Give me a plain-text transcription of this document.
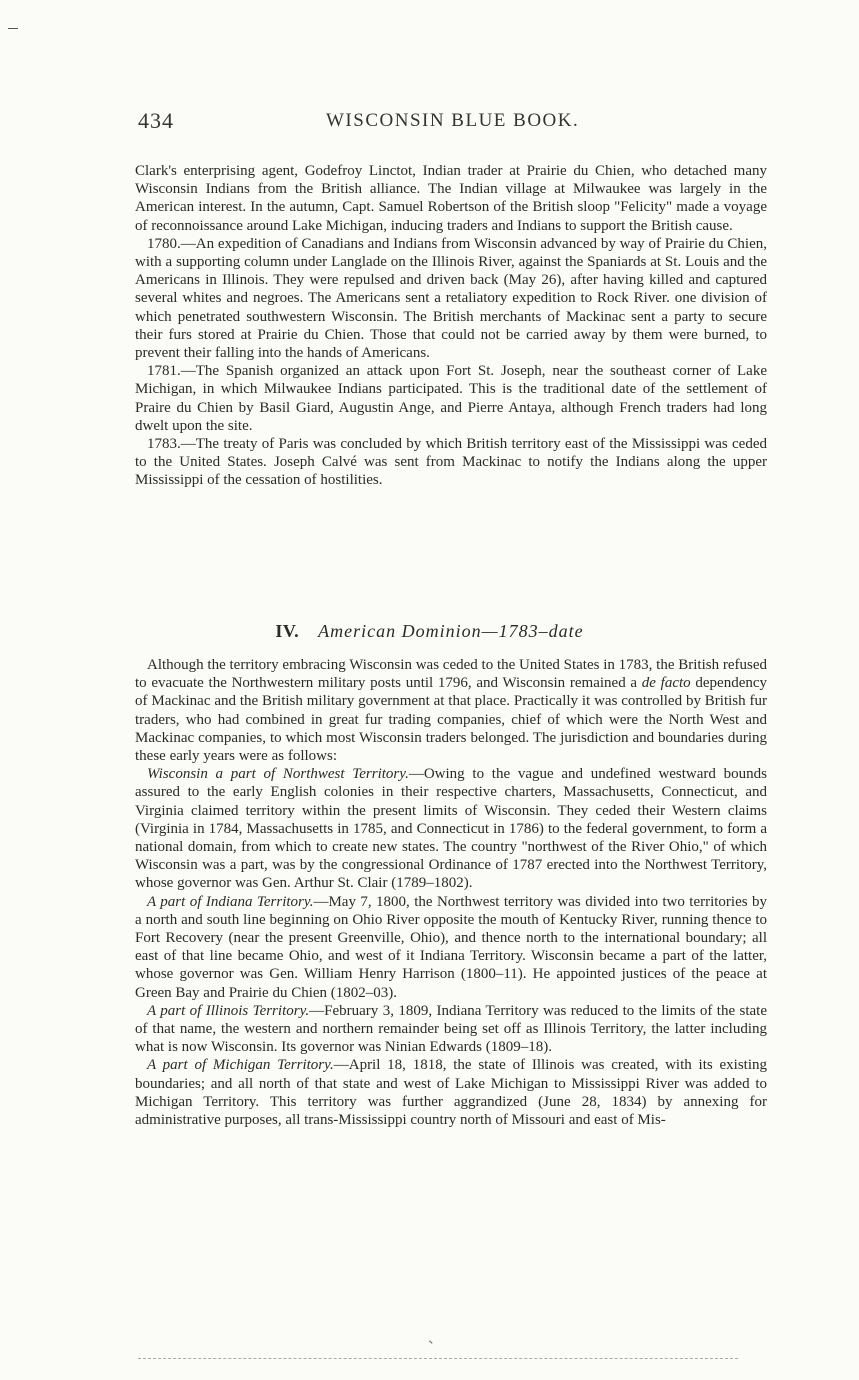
434	WISCONSIN BLUE BOOK.

Clark's enterprising agent, Godefroy Linctot, Indian trader at Prairie du Chien, who detached many Wisconsin Indians from the British alliance. The Indian village at Milwaukee was largely in the American interest. In the autumn, Capt. Samuel Robertson of the British sloop "Felicity" made a voyage of reconnoissance around Lake Michigan, inducing traders and Indians to support the British cause.

1780.—An expedition of Canadians and Indians from Wisconsin advanced by way of Prairie du Chien, with a supporting column under Langlade on the Illinois River, against the Spaniards at St. Louis and the Americans in Illinois. They were repulsed and driven back (May 26), after having killed and captured several whites and negroes. The Americans sent a retaliatory expedition to Rock River. one division of which penetrated southwestern Wisconsin. The British merchants of Mackinac sent a party to secure their furs stored at Prairie du Chien. Those that could not be carried away by them were burned, to prevent their falling into the hands of Americans.

1781.—The Spanish organized an attack upon Fort St. Joseph, near the southeast corner of Lake Michigan, in which Milwaukee Indians participated. This is the traditional date of the settlement of Praire du Chien by Basil Giard, Augustin Ange, and Pierre Antaya, although French traders had long dwelt upon the site.

1783.—The treaty of Paris was concluded by which British territory east of the Mississippi was ceded to the United States. Joseph Calvé was sent from Mackinac to notify the Indians along the upper Mississippi of the cessation of hostilities.

IV. American Dominion—1783–date

Although the territory embracing Wisconsin was ceded to the United States in 1783, the British refused to evacuate the Northwestern military posts until 1796, and Wisconsin remained a de facto dependency of Mackinac and the British military government at that place. Practically it was controlled by British fur traders, who had combined in great fur trading companies, chief of which were the North West and Mackinac companies, to which most Wisconsin traders belonged. The jurisdiction and boundaries during these early years were as follows:

Wisconsin a part of Northwest Territory.—Owing to the vague and undefined westward bounds assured to the early English colonies in their respective charters, Massachusetts, Connecticut, and Virginia claimed territory within the present limits of Wisconsin. They ceded their Western claims (Virginia in 1784, Massachusetts in 1785, and Connecticut in 1786) to the federal government, to form a national domain, from which to create new states. The country "northwest of the River Ohio," of which Wisconsin was a part, was by the congressional Ordinance of 1787 erected into the Northwest Territory, whose governor was Gen. Arthur St. Clair (1789–1802).

A part of Indiana Territory.—May 7, 1800, the Northwest territory was divided into two territories by a north and south line beginning on Ohio River opposite the mouth of Kentucky River, running thence to Fort Recovery (near the present Greenville, Ohio), and thence north to the international boundary; all east of that line became Ohio, and west of it Indiana Territory. Wisconsin became a part of the latter, whose governor was Gen. William Henry Harrison (1800–11). He appointed justices of the peace at Green Bay and Prairie du Chien (1802–03).

A part of Illinois Territory.—February 3, 1809, Indiana Territory was reduced to the limits of the state of that name, the western and northern remainder being set off as Illinois Territory, the latter including what is now Wisconsin. Its governor was Ninian Edwards (1809–18).

A part of Michigan Territory.—April 18, 1818, the state of Illinois was created, with its existing boundaries; and all north of that state and west of Lake Michigan to Mississippi River was added to Michigan Territory. This territory was further aggrandized (June 28, 1834) by annexing for administrative purposes, all trans-Mississippi country north of Missouri and east of Mis-
